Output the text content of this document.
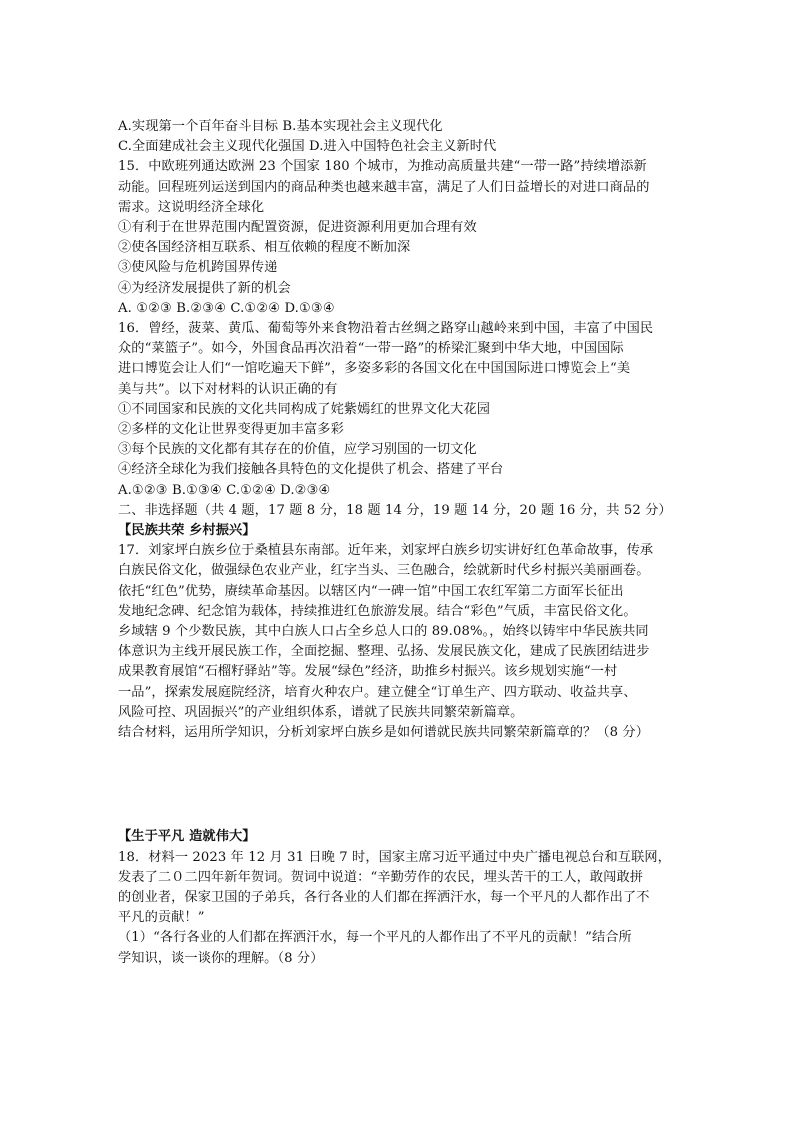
A.实现第一个百年奋斗目标 B.基本实现社会主义现代化
C.全面建成社会主义现代化强国 D.进入中国特色社会主义新时代
15．中欧班列通达欧洲 23 个国家 180 个城市，为推动高质量共建“一带一路”持续增添新
动能。回程班列运送到国内的商品种类也越来越丰富，满足了人们日益增长的对进口商品的
需求。这说明经济全球化
①有利于在世界范围内配置资源，促进资源利用更加合理有效
②使各国经济相互联系、相互依赖的程度不断加深
③使风险与危机跨国界传递
④为经济发展提供了新的机会
A. ①②③ B.②③④ C.①②④ D.①③④
16．曾经，菠菜、黄瓜、葡萄等外来食物沿着古丝绸之路穿山越岭来到中国，丰富了中国民
众的“菜篮子”。如今，外国食品再次沿着“一带一路”的桥梁汇聚到中华大地，中国国际
进口博览会让人们“一馆吃遍天下鲜”，多姿多彩的各国文化在中国国际进口博览会上“美
美与共”。以下对材料的认识正确的有
①不同国家和民族的文化共同构成了姹紫嫣红的世界文化大花园
②多样的文化让世界变得更加丰富多彩
③每个民族的文化都有其存在的价值，应学习别国的一切文化
④经济全球化为我们接触各具特色的文化提供了机会、搭建了平台
A.①②③ B.①③④ C.①②④ D.②③④
二、非选择题（共 4 题，17 题 8 分，18 题 14 分，19 题 14 分，20 题 16 分，共 52 分）
【民族共荣 乡村振兴】
17．刘家坪白族乡位于桑植县东南部。近年来，刘家坪白族乡切实讲好红色革命故事，传承
白族民俗文化，做强绿色农业产业，红字当头、三色融合，绘就新时代乡村振兴美丽画卷。
依托“红色”优势，赓续革命基因。以辖区内“一碑一馆”中国工农红军第二方面军长征出
发地纪念碑、纪念馆为载体，持续推进红色旅游发展。结合“彩色”气质，丰富民俗文化。
乡域辖 9 个少数民族，其中白族人口占全乡总人口的 89.08%。，始终以铸牢中华民族共同
体意识为主线开展民族工作，全面挖掘、整理、弘扬、发展民族文化，建成了民族团结进步
成果教育展馆“石榴籽驿站”等。发展“绿色”经济，助推乡村振兴。该乡规划实施“一村
一品”，探索发展庭院经济，培育火种农户。建立健全“订单生产、四方联动、收益共享、
风险可控、巩固振兴”的产业组织体系，谱就了民族共同繁荣新篇章。
结合材料，运用所学知识，分析刘家坪白族乡是如何谱就民族共同繁荣新篇章的？（8 分）
【生于平凡 造就伟大】
18．材料一 2023 年 12 月 31 日晚 7 时，国家主席习近平通过中央广播电视总台和互联网，
发表了二０二四年新年贺词。贺词中说道：“辛勤劳作的农民，埋头苦干的工人，敢闯敢拼
的创业者，保家卫国的子弟兵，各行各业的人们都在挥洒汗水，每一个平凡的人都作出了不
平凡的贡献！”
（1）“各行各业的人们都在挥洒汗水，每一个平凡的人都作出了不平凡的贡献！”结合所
学知识，谈一谈你的理解。（8 分）
